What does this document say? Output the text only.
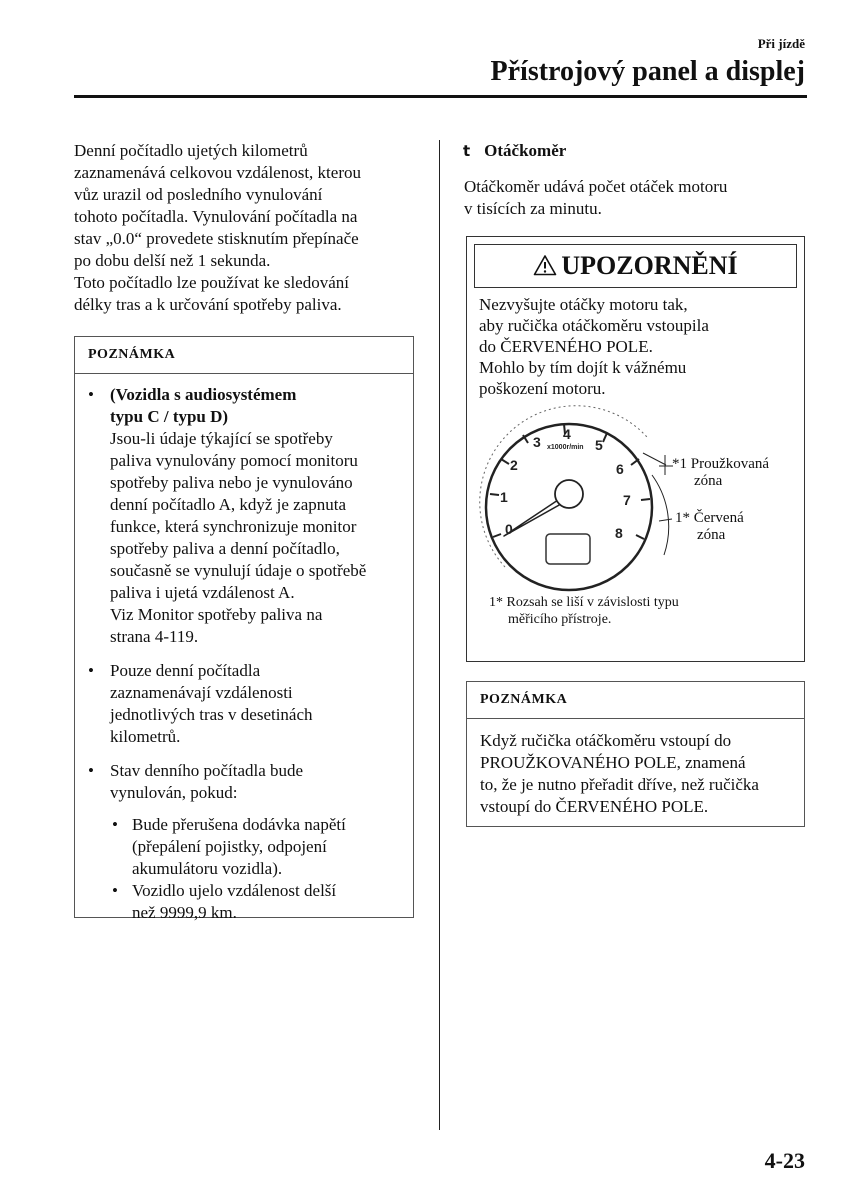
Při jízdě
Přístrojový panel a displej
Denní počítadlo ujetých kilometrů
zaznamenává celkovou vzdálenost, kterou
vůz urazil od posledního vynulování
tohoto počítadla. Vynulování počítadla na
stav „0.0“ provedete stisknutím přepínače
po dobu delší než 1 sekunda.
Toto počítadlo lze používat ke sledování
délky tras a k určování spotřeby paliva.
POZNÁMKA
• (Vozidla s audiosystémem
typu C / typu D)
Jsou-li údaje týkající se spotřeby
paliva vynulovány pomocí monitoru
spotřeby paliva nebo je vynulováno
denní počítadlo A, když je zapnuta
funkce, která synchronizuje monitor
spotřeby paliva a denní počítadlo,
současně se vynulují údaje o spotřebě
paliva i ujetá vzdálenost A.
Viz Monitor spotřeby paliva na
strana 4-119.
• Pouze denní počítadla
zaznamenávají vzdálenosti
jednotlivých tras v desetinách
kilometrů.
• Stav denního počítadla bude
vynulován, pokud:
• Bude přerušena dodávka napětí
(přepálení pojistky, odpojení
akumulátoru vozidla).
• Vozidlo ujelo vzdálenost delší
než 9999,9 km.
t Otáčkoměr
Otáčkoměr udává počet otáček motoru
v tisících za minutu.
UPOZORNĚNÍ
Nezvyšujte otáčky motoru tak,
aby ručička otáčkoměru vstoupila
do ČERVENÉHO POLE.
Mohlo by tím dojít k vážnému
poškození motoru.
0
1
2
3 4
5
6
7
8
x1000r/min
*1 Proužkovaná
zóna
1* Červená
zóna
1* Rozsah se liší v závislosti typu
měřicího přístroje.
POZNÁMKA
Když ručička otáčkoměru vstoupí do
PROUŽKOVANÉHO POLE, znamená
to, že je nutno přeřadit dříve, než ručička
vstoupí do ČERVENÉHO POLE.
4-23
